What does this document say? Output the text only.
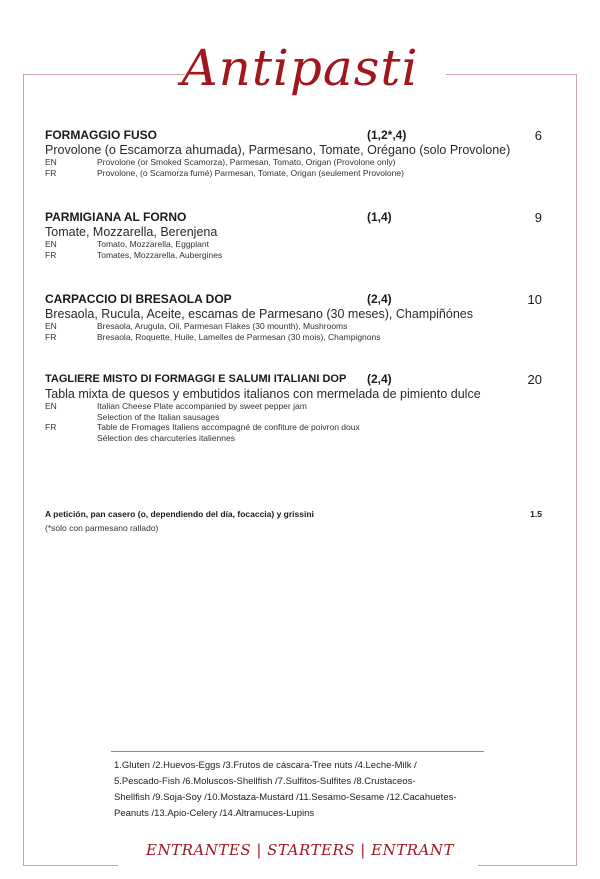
Antipasti
FORMAGGIO FUSO	(1,2*,4)	6
Provolone (o Escamorza ahumada), Parmesano, Tomate, Orégano (solo Provolone)
EN	Provolone (or Smoked Scamorza), Parmesan, Tomato, Origan (Provolone only)
FR	Provolone, (o Scamorza fumé) Parmesan, Tomate, Origan (seulement Provolone)
PARMIGIANA AL FORNO	(1,4)	9
Tomate, Mozzarella, Berenjena
EN	Tomato, Mozzarella, Eggplant
FR	Tomates, Mozzarella, Aubergines
CARPACCIO DI BRESAOLA DOP	(2,4)	10
Bresaola, Rucula, Aceite, escamas de Parmesano (30 meses), Champiñónes
EN	Bresaola, Arugula, Oil, Parmesan Flakes (30 mounth), Mushrooms
FR	Bresaola, Roquette, Huile, Lamelles de Parmesan (30 mois), Champignons
TAGLIERE MISTO DI FORMAGGI E SALUMI ITALIANI DOP (2,4)	20
Tabla mixta de quesos y embutidos italianos con mermelada de pimiento dulce
EN	Italian Cheese Plate accompanied by sweet pepper jam
Selection of the Italian sausages
FR	Table de Fromages Italiens accompagné de confiture de poivron doux
Sélection des charcuteries italiennes
A petición, pan casero (o, dependiendo del día, focaccia) y grissini	1.5
(*solo con parmesano rallado)
1.Gluten /2.Huevos-Eggs /3.Frutos de cáscara-Tree nuts /4.Leche-Milk /
5.Pescado-Fish /6.Moluscos-Shellfish /7.Sulfitos-Sulfites /8.Crustaceos-
Shellfish /9.Soja-Soy /10.Mostaza-Mustard /11.Sesamo-Sesame /12.Cacahuetes-
Peanuts /13.Apio-Celery /14.Altramuces-Lupins
ENTRANTES | STARTERS | ENTRANT
